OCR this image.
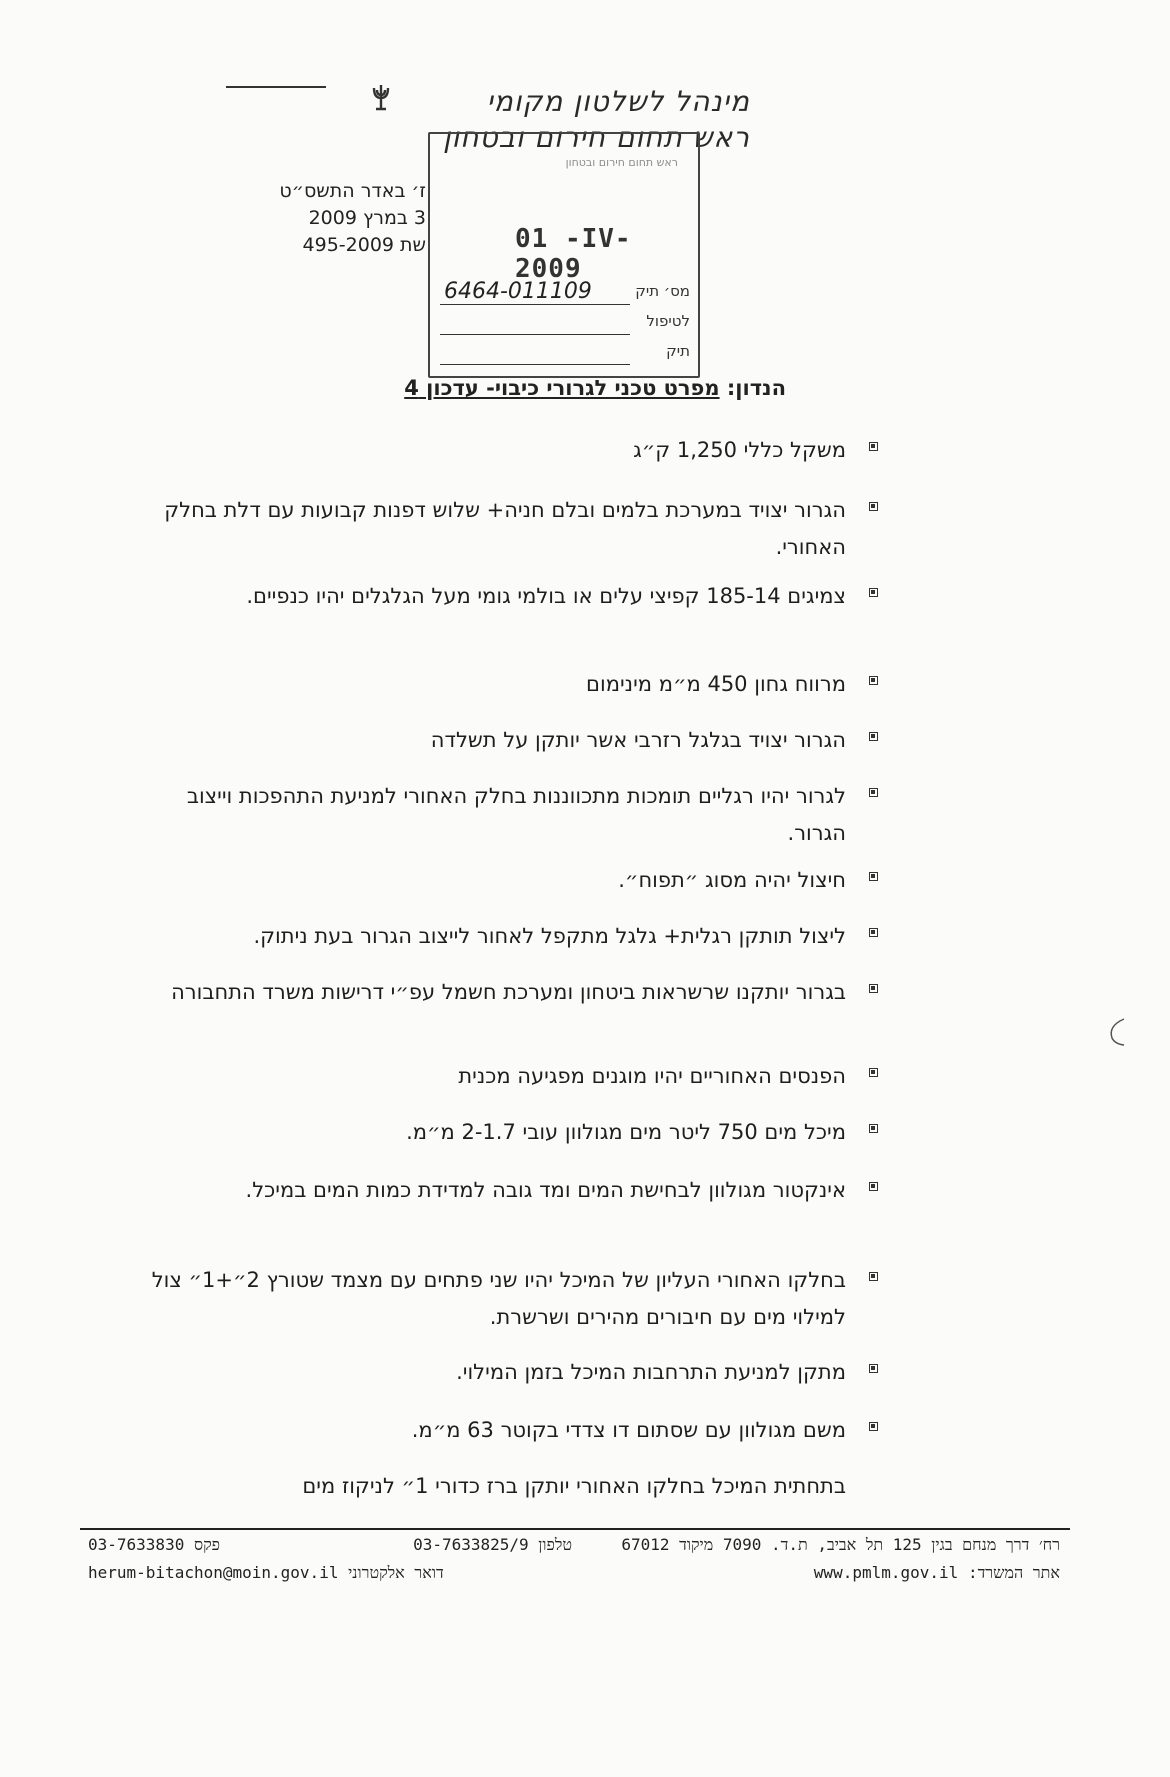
מינהל לשלטון מקומי
ראש תחום חירום ובטחון
ראש תחום חירום ובטחון
01 -IV- 2009
מס׳ תיק
6464-011109
לטיפול
תיק
ז׳ באדר התשס״ט
3 במרץ 2009
שת 495-2009
הנדון: מפרט טכני לגרורי כיבוי- עדכון 4
משקל כללי 1,250 ק״ג
הגרור יצויד במערכת בלמים ובלם חניה+ שלוש דפנות קבועות עם דלת בחלק האחורי.
צמיגים 185-14 קפיצי עלים או בולמי גומי מעל הגלגלים יהיו כנפיים.
מרווח גחון 450 מ״מ מינימום
הגרור יצויד בגלגל רזרבי אשר יותקן על תשלדה
לגרור יהיו רגליים תומכות מתכווננות בחלק האחורי למניעת התהפכות וייצוב הגרור.
חיצול יהיה מסוג ״תפוח״.
ליצול תותקן רגלית+ גלגל מתקפל לאחור לייצוב הגרור בעת ניתוק.
בגרור יותקנו שרשראות ביטחון ומערכת חשמל עפ״י דרישות משרד התחבורה
הפנסים האחוריים יהיו מוגנים מפגיעה מכנית
מיכל מים 750 ליטר מים מגולוון עובי 2-1.7 מ״מ.
אינקטור מגולוון לבחישת המים ומד גובה למדידת כמות המים במיכל.
בחלקו האחורי העליון של המיכל יהיו שני פתחים עם מצמד שטורץ 2״+1״ צול למילוי מים עם חיבורים מהירים ושרשרת.
מתקן למניעת התרחבות המיכל בזמן המילוי.
משם מגולוון עם שסתום דו צדדי בקוטר 63 מ״מ.
בתחתית המיכל בחלקו האחורי יותקן ברז כדורי 1״ לניקוז מים
רח׳ דרך מנחם בגין 125 תל אביב, ת.ד. 7090 מיקוד 67012
03-7633825/9 טלפון
03-7633830 פקס
www.pmlm.gov.il אתר המשרד:
herum-bitachon@moin.gov.il דואר אלקטרוני
